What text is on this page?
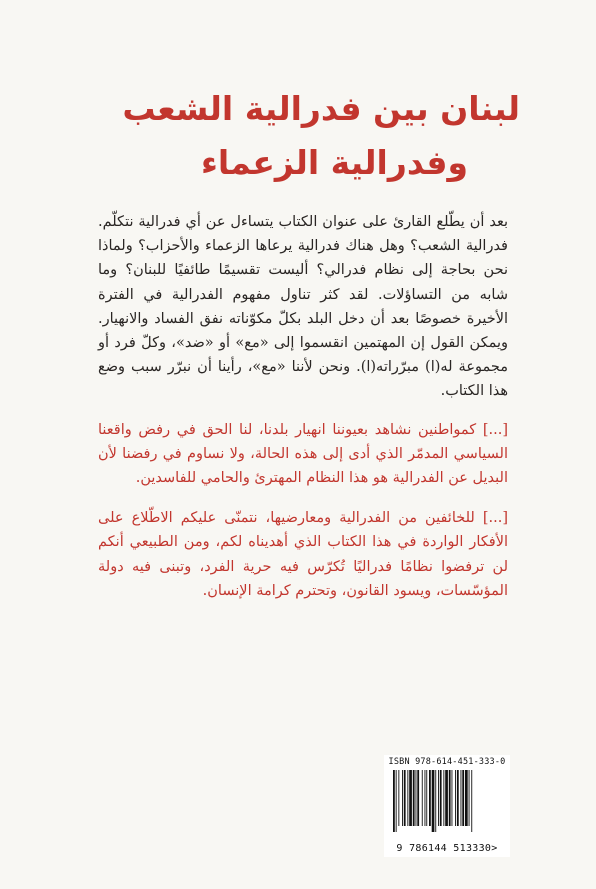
لبنان بين فدرالية الشعب
وفدرالية الزعماء

بعد أن يطّلع القارئ على عنوان الكتاب يتساءل عن أي فدرالية نتكلّم. فدرالية الشعب؟ وهل هناك فدرالية يرعاها الزعماء والأحزاب؟ ولماذا نحن بحاجة إلى نظام فدرالي؟ أليست تقسيمًا طائفيًا للبنان؟ وما شابه من التساؤلات. لقد كثر تناول مفهوم الفدرالية في الفترة الأخيرة خصوصًا بعد أن دخل البلد بكلّ مكوّناته نفق الفساد والانهيار. ويمكن القول إن المهتمين انقسموا إلى «مع» أو «ضد»، وكلّ فرد أو مجموعة له(ا) مبرّراته(ا). ونحن لأننا «مع»، رأينا أن نبرّر سبب وضع هذا الكتاب.

[...] كمواطنين نشاهد بعيوننا انهيار بلدنا، لنا الحق في رفض واقعنا السياسي المدمّر الذي أدى إلى هذه الحالة، ولا نساوم في رفضنا لأن البديل عن الفدرالية هو هذا النظام المهترئ والحامي للفاسدين.

[...] للخائفين من الفدرالية ومعارضيها، نتمنّى عليكم الاطّلاع على الأفكار الواردة في هذا الكتاب الذي أهديناه لكم، ومن الطبيعي أنكم لن ترفضوا نظامًا فدراليًا تُكرّس فيه حرية الفرد، وتبنى فيه دولة المؤسّسات، ويسود القانون، وتحترم كرامة الإنسان.

ISBN 978-614-451-333-0
9 786144 513330>
